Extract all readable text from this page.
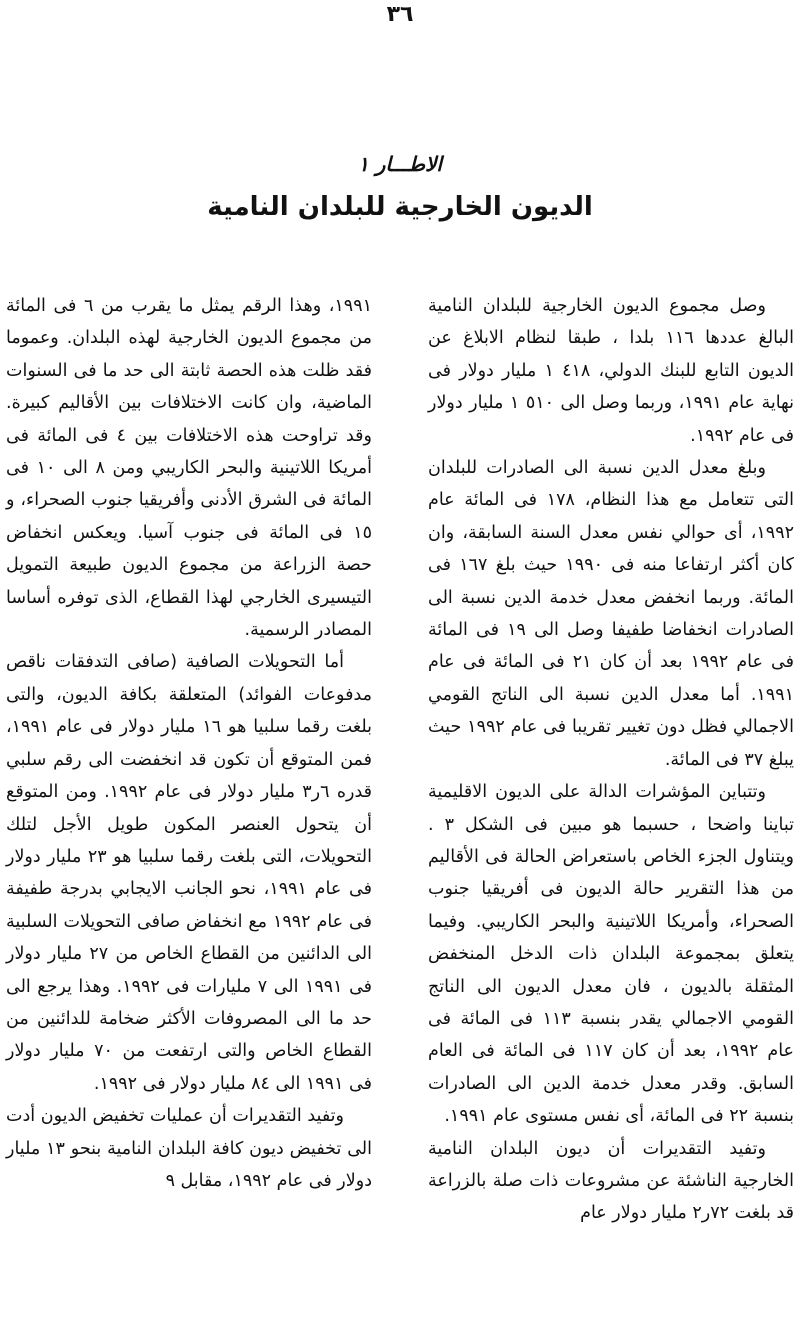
٣٦
الاطـــار ١
الديون الخارجية للبلدان النامية

وصل مجموع الديون الخارجية للبلدان النامية البالغ عددها ١١٦ بلدا ، طبقا لنظام الابلاغ عن الديون التابع للبنك الدولي، ٤١٨ ١ مليار دولار فى نهاية عام ١٩٩١، وربما وصل الى ٥١٠ ١ مليار دولار فى عام ١٩٩٢.

وبلغ معدل الدين نسبة الى الصادرات للبلدان التى تتعامل مع هذا النظام، ١٧٨ فى المائة عام ١٩٩٢، أى حوالي نفس معدل السنة السابقة، وان كان أكثر ارتفاعا منه فى ١٩٩٠ حيث بلغ ١٦٧ فى المائة. وربما انخفض معدل خدمة الدين نسبة الى الصادرات انخفاضا طفيفا وصل الى ١٩ فى المائة فى عام ١٩٩٢ بعد أن كان ٢١ فى المائة فى عام ١٩٩١. أما معدل الدين نسبة الى الناتج القومي الاجمالي فظل دون تغيير تقريبا فى عام ١٩٩٢ حيث يبلغ ٣٧ فى المائة.

وتتباين المؤشرات الدالة على الديون الاقليمية تباينا واضحا ، حسبما هو مبين فى الشكل ٣ . ويتناول الجزء الخاص باستعراض الحالة فى الأقاليم من هذا التقرير حالة الديون فى أفريقيا جنوب الصحراء، وأمريكا اللاتينية والبحر الكاريبي. وفيما يتعلق بمجموعة البلدان ذات الدخل المنخفض المثقلة بالديون ، فان معدل الديون الى الناتج القومي الاجمالي يقدر بنسبة ١١٣ فى المائة فى عام ١٩٩٢، بعد أن كان ١١٧ فى المائة فى العام السابق. وقدر معدل خدمة الدين الى الصادرات بنسبة ٢٢ فى المائة، أى نفس مستوى عام ١٩٩١.

وتفيد التقديرات أن ديون البلدان النامية الخارجية الناشئة عن مشروعات ذات صلة بالزراعة قد بلغت ٧٢ر٢ مليار دولار عام

١٩٩١، وهذا الرقم يمثل ما يقرب من ٦ فى المائة من مجموع الديون الخارجية لهذه البلدان. وعموما فقد ظلت هذه الحصة ثابتة الى حد ما فى السنوات الماضية، وان كانت الاختلافات بين الأقاليم كبيرة. وقد تراوحت هذه الاختلافات بين ٤ فى المائة فى أمريكا اللاتينية والبحر الكاريبي ومن ٨ الى ١٠ فى المائة فى الشرق الأدنى وأفريقيا جنوب الصحراء، و ١٥ فى المائة فى جنوب آسيا. ويعكس انخفاض حصة الزراعة من مجموع الديون طبيعة التمويل التيسيرى الخارجي لهذا القطاع، الذى توفره أساسا المصادر الرسمية.

أما التحويلات الصافية (صافى التدفقات ناقص مدفوعات الفوائد) المتعلقة بكافة الديون، والتى بلغت رقما سلبيا هو ١٦ مليار دولار فى عام ١٩٩١، فمن المتوقع أن تكون قد انخفضت الى رقم سلبي قدره ٦ر٣ مليار دولار فى عام ١٩٩٢. ومن المتوقع أن يتحول العنصر المكون طويل الأجل لتلك التحويلات، التى بلغت رقما سلبيا هو ٢٣ مليار دولار فى عام ١٩٩١، نحو الجانب الايجابي بدرجة طفيفة فى عام ١٩٩٢ مع انخفاض صافى التحويلات السلبية الى الدائنين من القطاع الخاص من ٢٧ مليار دولار فى ١٩٩١ الى ٧ مليارات فى ١٩٩٢. وهذا يرجع الى حد ما الى المصروفات الأكثر ضخامة للدائنين من القطاع الخاص والتى ارتفعت من ٧٠ مليار دولار فى ١٩٩١ الى ٨٤ مليار دولار فى ١٩٩٢.

وتفيد التقديرات أن عمليات تخفيض الديون أدت الى تخفيض ديون كافة البلدان النامية بنحو ١٣ مليار دولار فى عام ١٩٩٢، مقابل ٩
